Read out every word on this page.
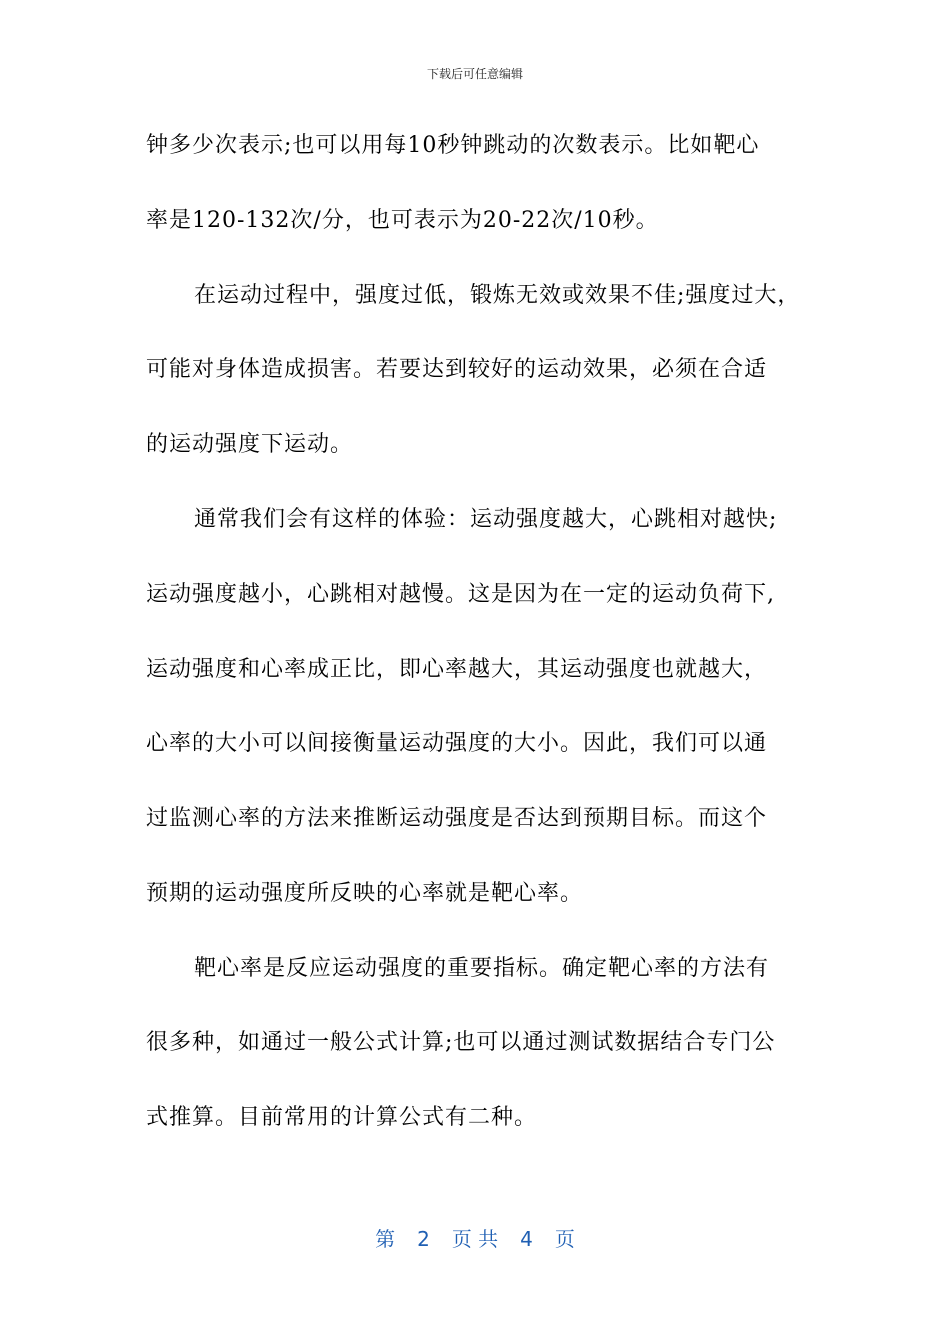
下载后可任意编辑
钟多少次表示;也可以用每10秒钟跳动的次数表示。比如靶心
率是120-132次/分，也可表示为20-22次/10秒。
在运动过程中，强度过低，锻炼无效或效果不佳;强度过大，
可能对身体造成损害。若要达到较好的运动效果，必须在合适
的运动强度下运动。
通常我们会有这样的体验：运动强度越大，心跳相对越快;
运动强度越小，心跳相对越慢。这是因为在一定的运动负荷下,
运动强度和心率成正比，即心率越大，其运动强度也就越大，
心率的大小可以间接衡量运动强度的大小。因此，我们可以通
过监测心率的方法来推断运动强度是否达到预期目标。而这个
预期的运动强度所反映的心率就是靶心率。
靶心率是反应运动强度的重要指标。确定靶心率的方法有
很多种，如通过一般公式计算;也可以通过测试数据结合专门公
式推算。目前常用的计算公式有二种。
第 2 页 共 4 页
